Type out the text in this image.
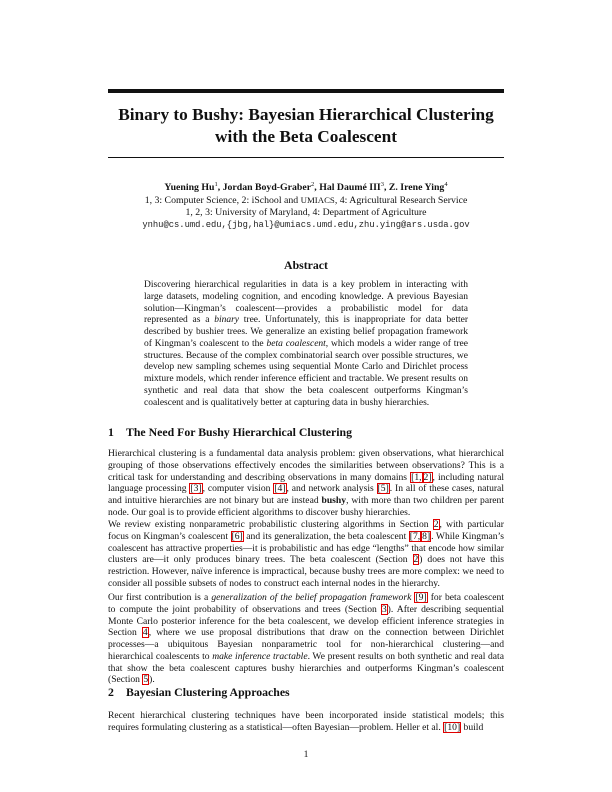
Binary to Bushy: Bayesian Hierarchical Clustering
with the Beta Coalescent
Yuening Hu$^1$, Jordan Boyd-Graber$^2$, Hal Daumé III$^3$, Z. Irene Ying$^4$
1, 3: Computer Science, 2: iSchool and UMIACS, 4: Agricultural Research Service
1, 2, 3: University of Maryland, 4: Department of Agriculture
ynhu@cs.umd.edu,{jbg,hal}@umiacs.umd.edu,zhu.ying@ars.usda.gov
Abstract
Discovering hierarchical regularities in data is a key problem in interacting with large datasets, modeling cognition, and encoding knowledge. A previous Bayesian solution—Kingman’s coalescent—provides a probabilistic model for data represented as a binary tree. Unfortunately, this is inappropriate for data better described by bushier trees. We generalize an existing belief propagation framework of Kingman’s coalescent to the beta coalescent, which models a wider range of tree structures. Because of the complex combinatorial search over possible structures, we develop new sampling schemes using sequential Monte Carlo and Dirichlet process mixture models, which render inference efficient and tractable. We present results on synthetic and real data that show the beta coalescent outperforms Kingman’s coalescent and is qualitatively better at capturing data in bushy hierarchies.
1 The Need For Bushy Hierarchical Clustering
Hierarchical clustering is a fundamental data analysis problem: given observations, what hierarchical grouping of those observations effectively encodes the similarities between observations? This is a critical task for understanding and describing observations in many domains [1, 2], including natural language processing [3], computer vision [4], and network analysis [5]. In all of these cases, natural and intuitive hierarchies are not binary but are instead bushy, with more than two children per parent node. Our goal is to provide efficient algorithms to discover bushy hierarchies.
We review existing nonparametric probabilistic clustering algorithms in Section 2, with particular focus on Kingman’s coalescent [6] and its generalization, the beta coalescent [7, 8]. While Kingman’s coalescent has attractive properties—it is probabilistic and has edge “lengths” that encode how similar clusters are—it only produces binary trees. The beta coalescent (Section 2) does not have this restriction. However, naïve inference is impractical, because bushy trees are more complex: we need to consider all possible subsets of nodes to construct each internal nodes in the hierarchy.
Our first contribution is a generalization of the belief propagation framework [9] for beta coalescent to compute the joint probability of observations and trees (Section 3). After describing sequential Monte Carlo posterior inference for the beta coalescent, we develop efficient inference strategies in Section 4, where we use proposal distributions that draw on the connection between Dirichlet processes—a ubiquitous Bayesian nonparametric tool for non-hierarchical clustering—and hierarchical coalescents to make inference tractable. We present results on both synthetic and real data that show the beta coalescent captures bushy hierarchies and outperforms Kingman’s coalescent (Section 5).
2 Bayesian Clustering Approaches
Recent hierarchical clustering techniques have been incorporated inside statistical models; this requires formulating clustering as a statistical—often Bayesian—problem. Heller et al. [10] build
1
